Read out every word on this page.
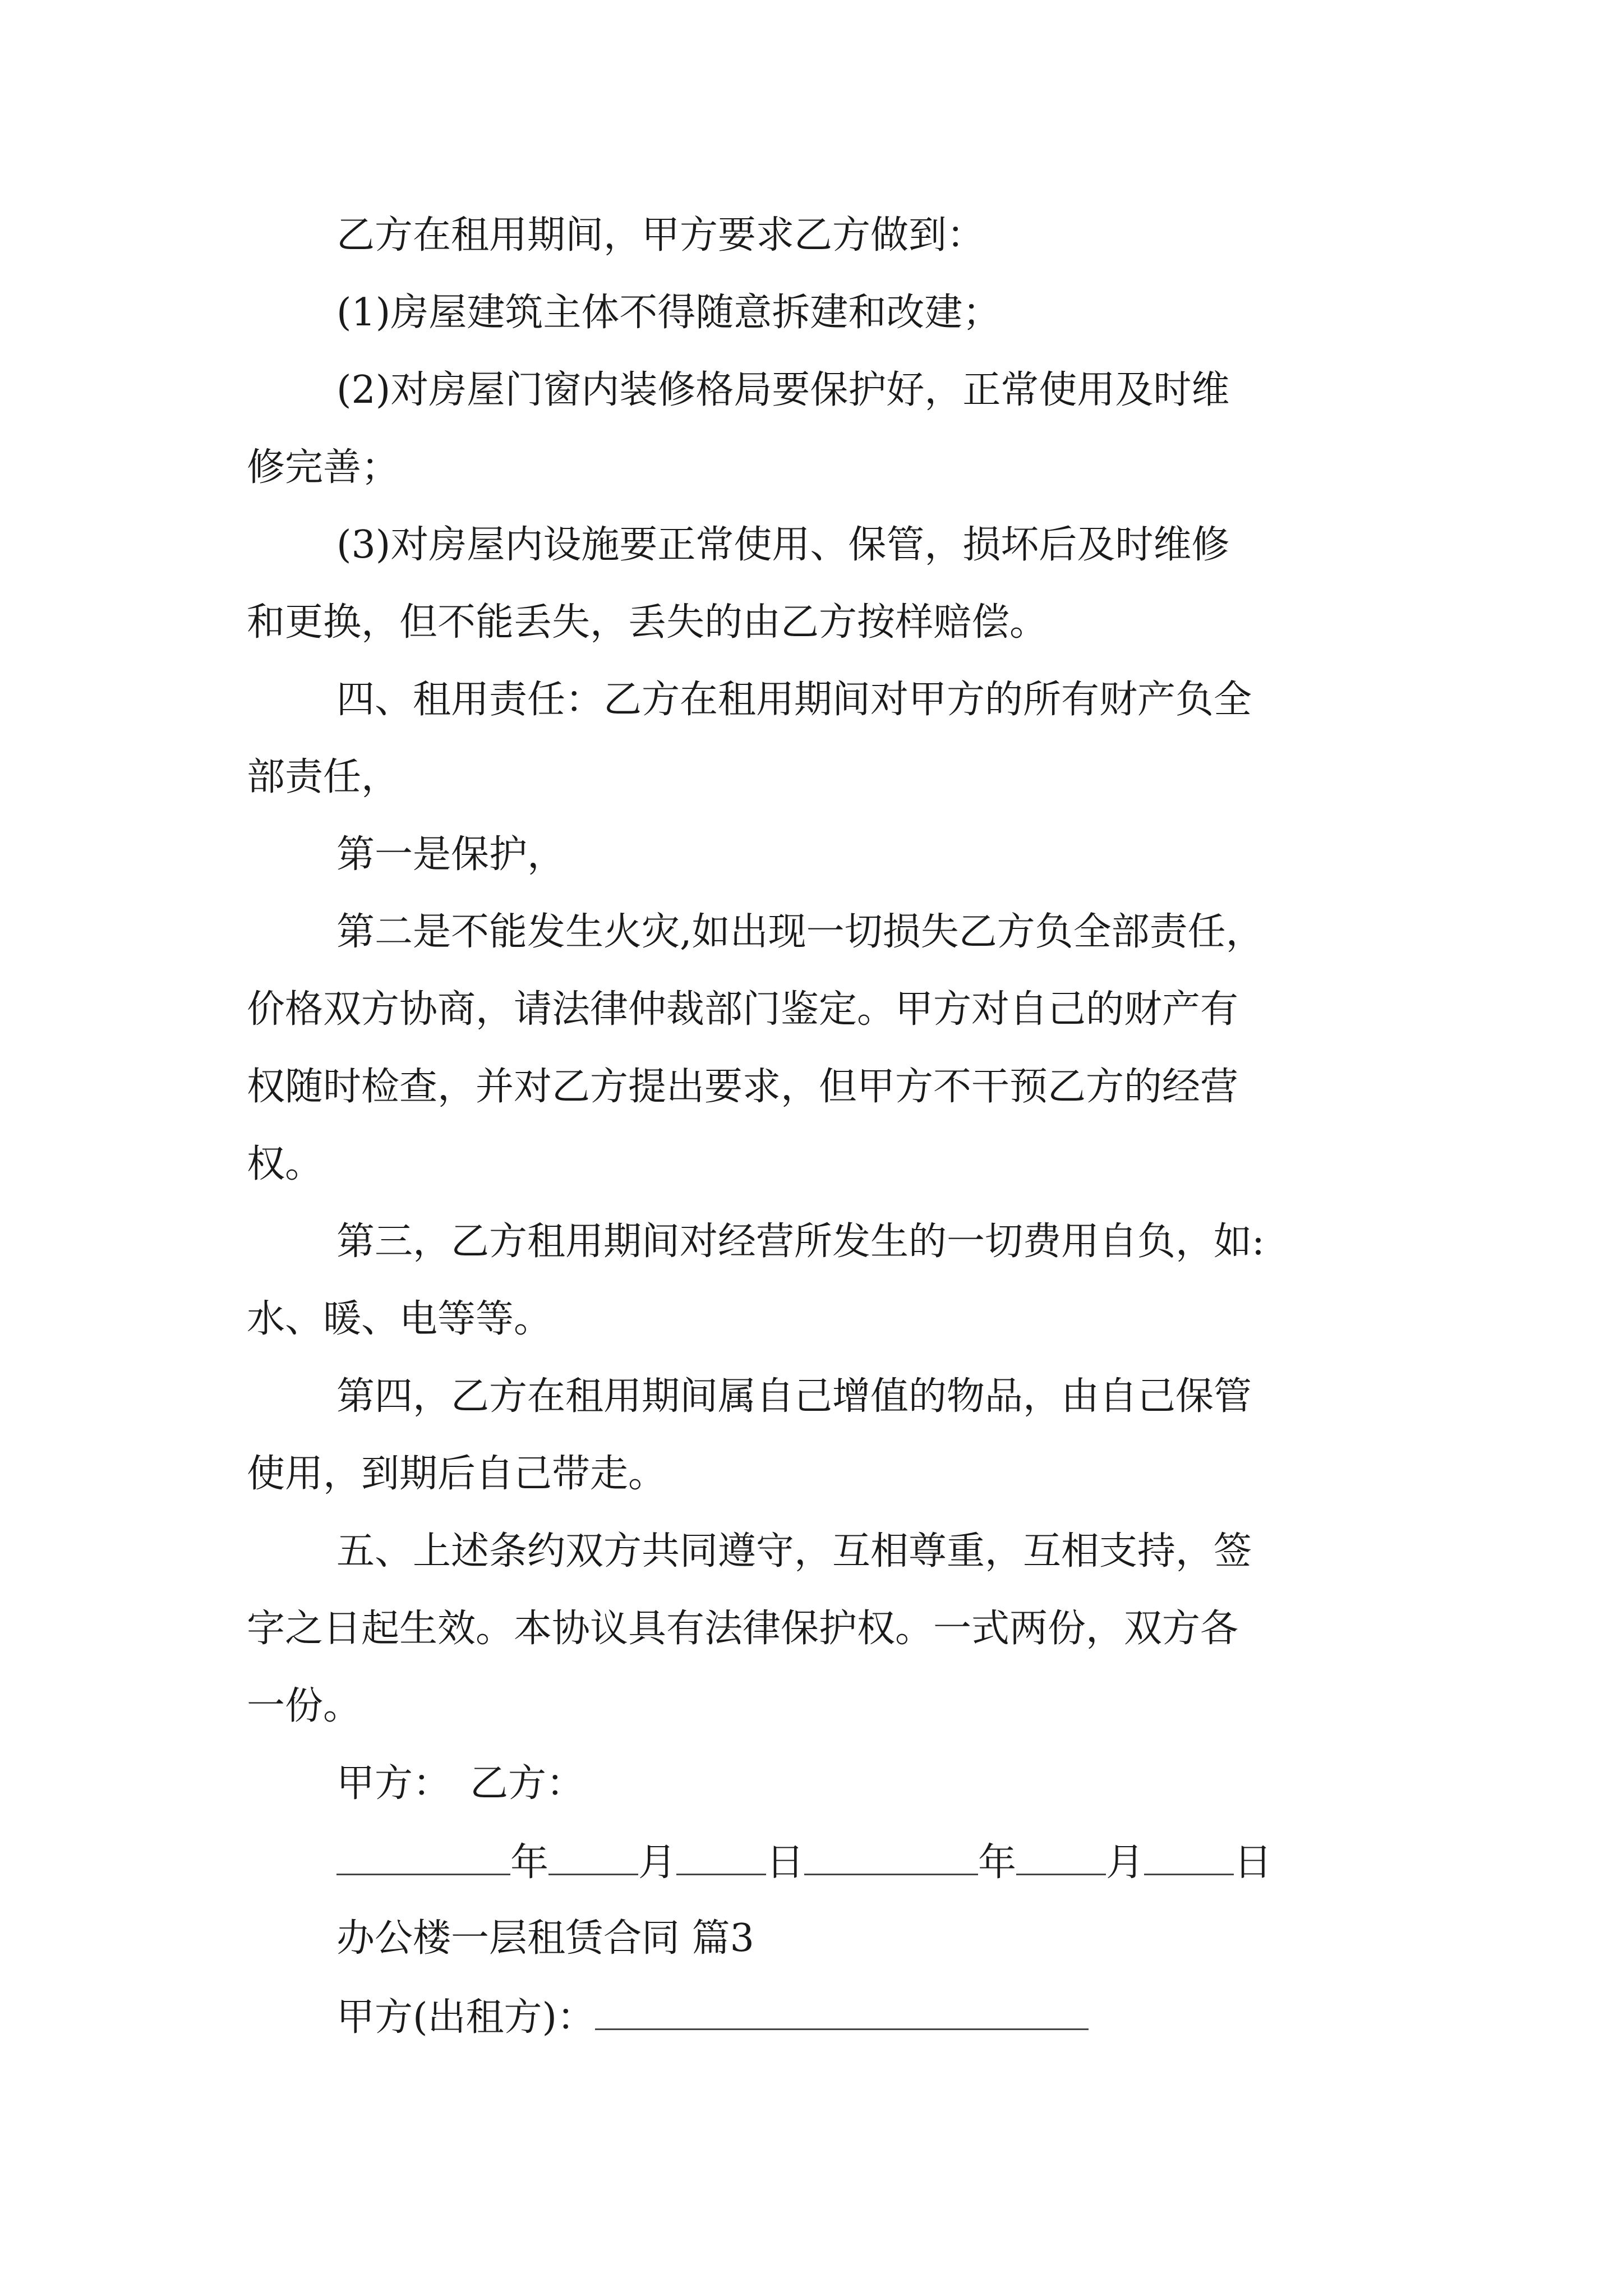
乙方在租用期间，甲方要求乙方做到：
(1)房屋建筑主体不得随意拆建和改建；
(2)对房屋门窗内装修格局要保护好，正常使用及时维
修完善；
(3)对房屋内设施要正常使用、保管，损坏后及时维修
和更换，但不能丢失，丢失的由乙方按样赔偿。
四、租用责任：乙方在租用期间对甲方的所有财产负全
部责任，
第一是保护，
第二是不能发生火灾,如出现一切损失乙方负全部责任，
价格双方协商，请法律仲裁部门鉴定。甲方对自己的财产有
权随时检查，并对乙方提出要求，但甲方不干预乙方的经营
权。
第三，乙方租用期间对经营所发生的一切费用自负，如:
水、暖、电等等。
第四，乙方在租用期间属自己增值的物品，由自己保管
使用，到期后自己带走。
五、上述条约双方共同遵守，互相尊重，互相支持，签
字之日起生效。本协议具有法律保护权。一式两份，双方各
一份。
甲方：　乙方：
年 月 日	年 月 日
办公楼一层租赁合同 篇3
甲方(出租方)：
